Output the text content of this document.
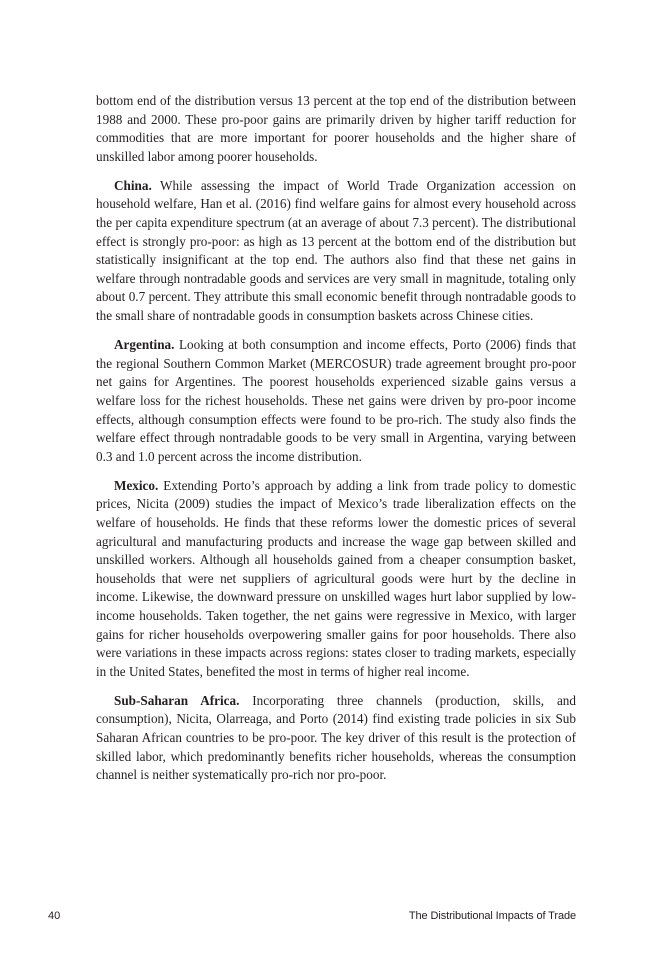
bottom end of the distribution versus 13 percent at the top end of the distribution between 1988 and 2000. These pro-poor gains are primarily driven by higher tariff reduction for commodities that are more important for poorer households and the higher share of unskilled labor among poorer households.

China. While assessing the impact of World Trade Organization accession on household welfare, Han et al. (2016) find welfare gains for almost every household across the per capita expenditure spectrum (at an average of about 7.3 percent). The distributional effect is strongly pro-poor: as high as 13 percent at the bottom end of the distribution but statistically insignificant at the top end. The authors also find that these net gains in welfare through nontradable goods and services are very small in magnitude, totaling only about 0.7 percent. They attribute this small economic benefit through nontradable goods to the small share of nontradable goods in consumption baskets across Chinese cities.

Argentina. Looking at both consumption and income effects, Porto (2006) finds that the regional Southern Common Market (MERCOSUR) trade agreement brought pro-poor net gains for Argentines. The poorest households experienced sizable gains versus a welfare loss for the richest households. These net gains were driven by pro-poor income effects, although consumption effects were found to be pro-rich. The study also finds the welfare effect through nontradable goods to be very small in Argentina, varying between 0.3 and 1.0 percent across the income distribution.

Mexico. Extending Porto’s approach by adding a link from trade policy to domestic prices, Nicita (2009) studies the impact of Mexico’s trade liberalization effects on the welfare of households. He finds that these reforms lower the domestic prices of several agricultural and manufacturing products and increase the wage gap between skilled and unskilled workers. Although all households gained from a cheaper consumption basket, households that were net suppliers of agricultural goods were hurt by the decline in income. Likewise, the downward pressure on unskilled wages hurt labor supplied by low-income households. Taken together, the net gains were regressive in Mexico, with larger gains for richer households overpowering smaller gains for poor households. There also were variations in these impacts across regions: states closer to trading markets, especially in the United States, benefited the most in terms of higher real income.

Sub-Saharan Africa. Incorporating three channels (production, skills, and consumption), Nicita, Olarreaga, and Porto (2014) find existing trade policies in six Sub Saharan African countries to be pro-poor. The key driver of this result is the protection of skilled labor, which predominantly benefits richer households, whereas the consumption channel is neither systematically pro-rich nor pro-poor.

40	The Distributional Impacts of Trade
